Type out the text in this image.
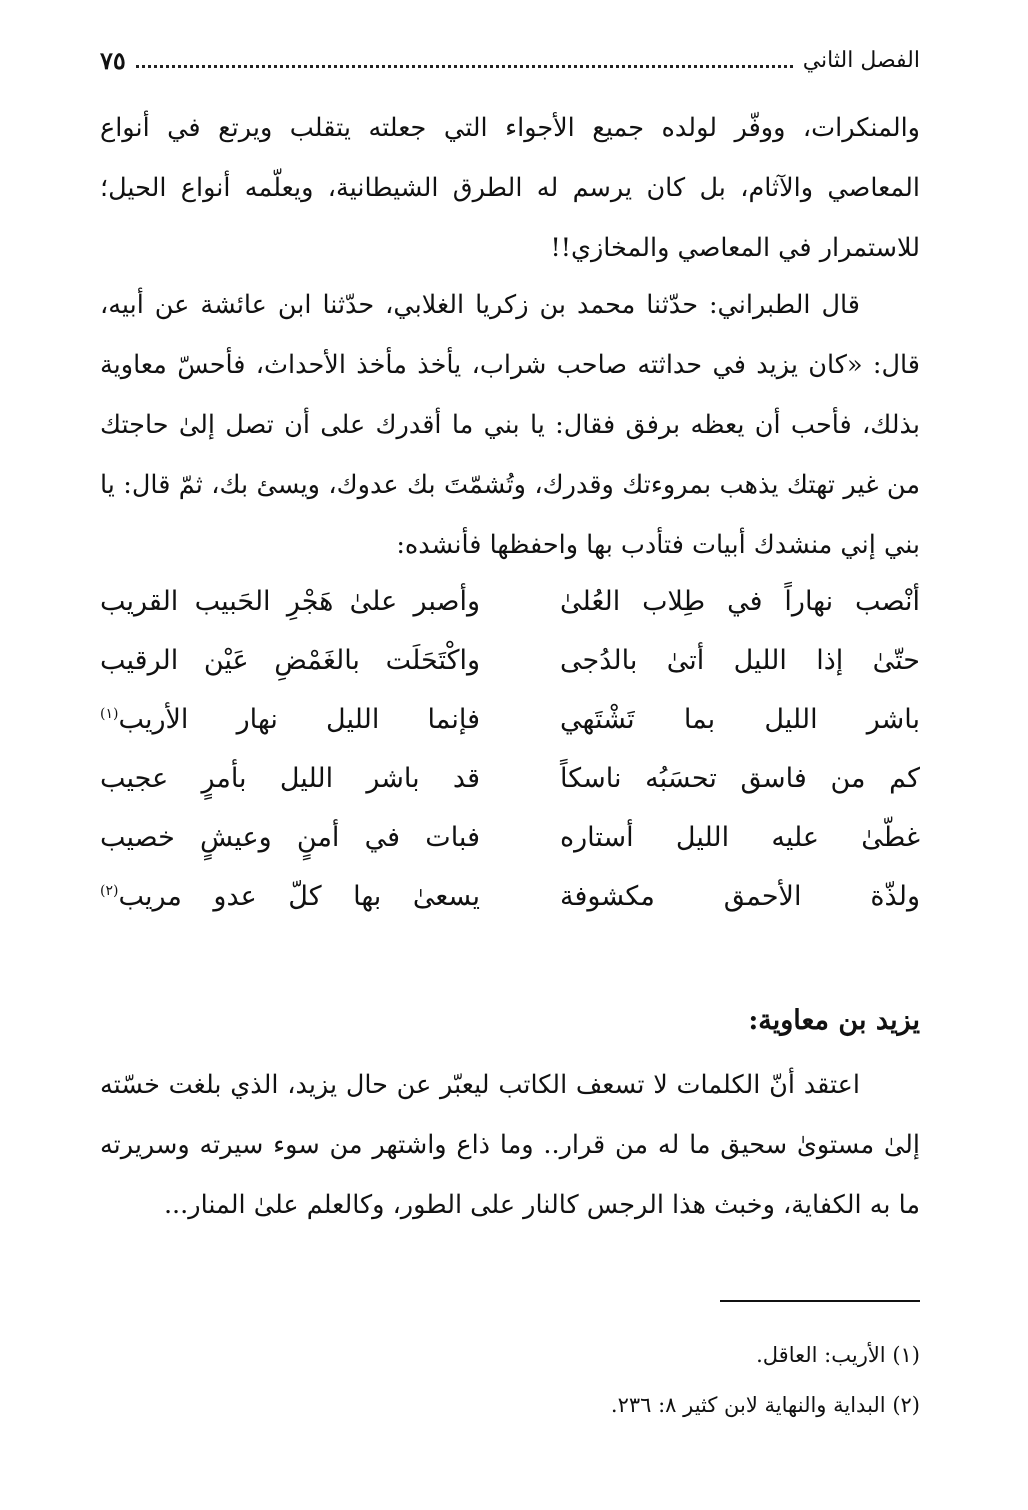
الفصل الثاني
٧٥

والمنكرات، ووفّر لولده جميع الأجواء التي جعلته يتقلب ويرتع في أنواع المعاصي والآثام، بل كان يرسم له الطرق الشيطانية، ويعلّمه أنواع الحيل؛ للاستمرار في المعاصي والمخازي!!

قال الطبراني: حدّثنا محمد بن زكريا الغلابي، حدّثنا ابن عائشة عن أبيه، قال: «كان يزيد في حداثته صاحب شراب، يأخذ مأخذ الأحداث، فأحسّ معاوية بذلك، فأحب أن يعظه برفق فقال: يا بني ما أقدرك على أن تصل إلىٰ حاجتك من غير تهتك يذهب بمروءتك وقدرك، وتُشمّتَ بك عدوك، ويسئ بك، ثمّ قال: يا بني إني منشدك أبيات فتأدب بها واحفظها فأنشده:

أنْصب نهاراً في طِلاب العُلىٰ
وأصبر علىٰ هَجْرِ الحَبيب القريب
حتّىٰ إذا الليل أتىٰ بالدُجى
واكْتَحَلَت بالغَمْضِ عَيْن الرقيب
باشر الليل بما تَشْتَهي
فإنما الليل نهار الأريب$^{(١)}$
كم من فاسق تحسَبُه ناسكاً
قد باشر الليل بأمرٍ عجيب
غطّىٰ عليه الليل أستاره
فبات في أمنٍ وعيشٍ خصيب
ولذّة الأحمق مكشوفة
يسعىٰ بها كلّ عدو مريب$^{(٢)}$
يزيد بن معاوية:

اعتقد أنّ الكلمات لا تسعف الكاتب ليعبّر عن حال يزيد، الذي بلغت خسّته إلىٰ مستوىٰ سحيق ما له من قرار.. وما ذاع واشتهر من سوء سيرته وسريرته ما به الكفاية، وخبث هذا الرجس كالنار على الطور، وكالعلم علىٰ المنار...

(١) الأريب: العاقل.
(٢) البداية والنهاية لابن كثير ٨: ٢٣٦.
